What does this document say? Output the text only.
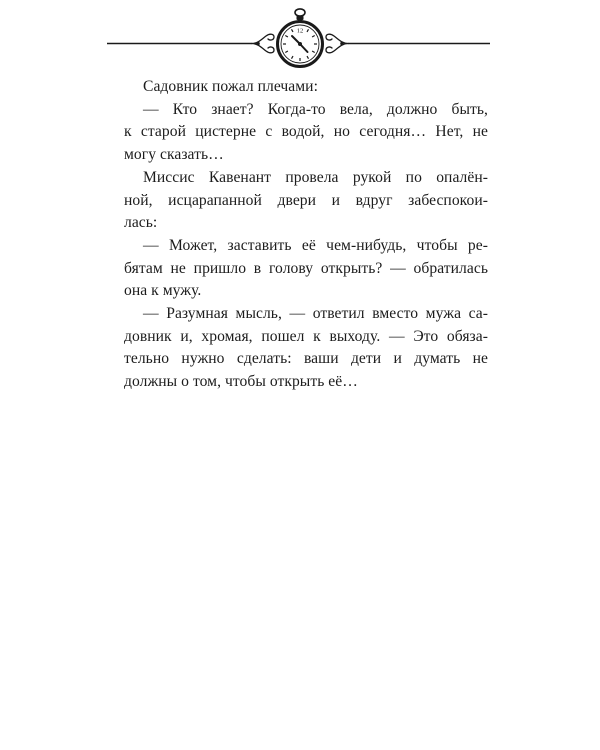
12

Садовник пожал плечами:

— Кто знает? Когда-то вела, должно быть,
к старой цистерне с водой, но сегодня… Нет, не
могу сказать…

Миссис Кавенант провела рукой по опалён-
ной, исцарапанной двери и вдруг забеспокои-
лась:

— Может, заставить её чем-нибудь, чтобы ре-
бятам не пришло в голову открыть? — обратилась
она к мужу.

— Разумная мысль, — ответил вместо мужа са-
довник и, хромая, пошел к выходу. — Это обяза-
тельно нужно сделать: ваши дети и думать не
должны о том, чтобы открыть её…
